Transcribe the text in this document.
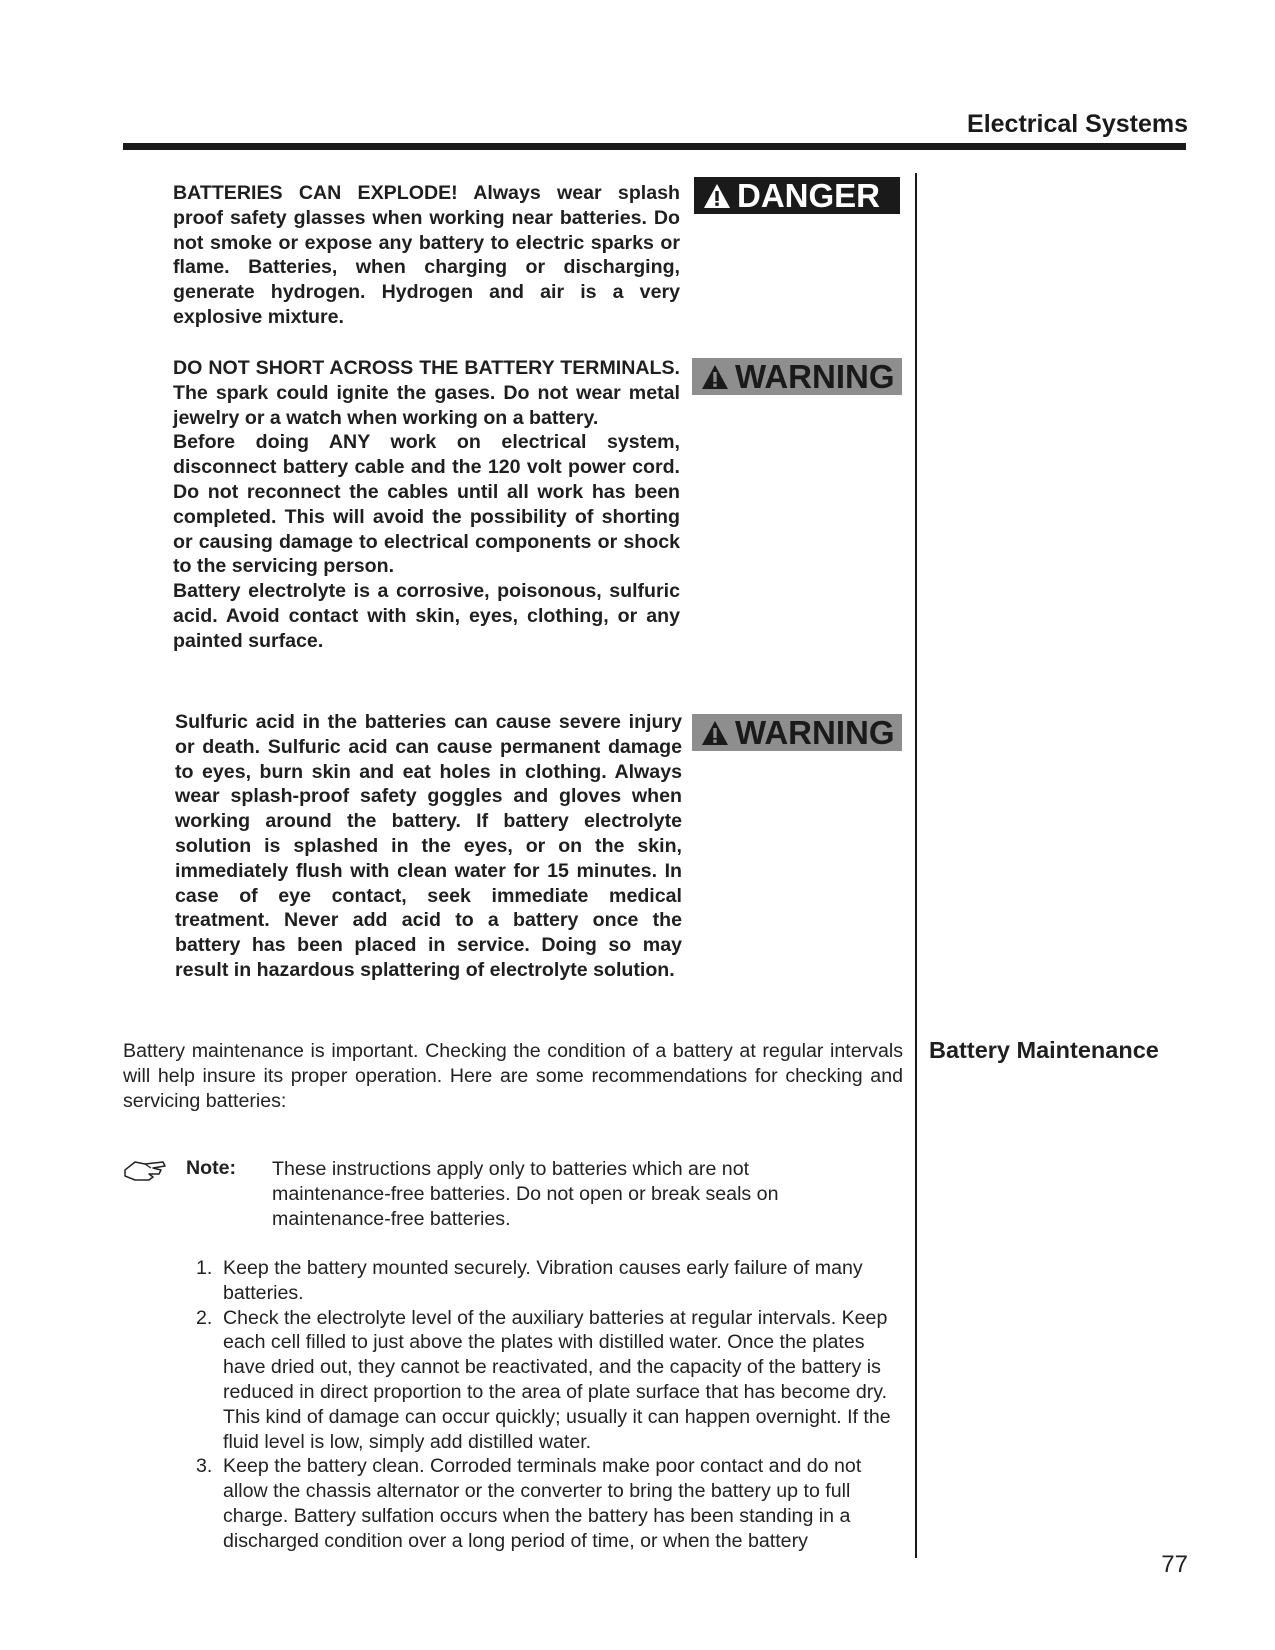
Electrical Systems

BATTERIES CAN EXPLODE! Always wear splash proof safety glasses when working near batteries. Do not smoke or expose any battery to electric sparks or flame. Batteries, when charging or discharging, generate hydrogen. Hydrogen and air is a very explosive mixture.

DANGER

DO NOT SHORT ACROSS THE BATTERY TERMINALS. The spark could ignite the gases. Do not wear metal jewelry or a watch when working on a battery.

Before doing ANY work on electrical system, disconnect battery cable and the 120 volt power cord. Do not reconnect the cables until all work has been completed. This will avoid the possibility of shorting or causing damage to electrical components or shock to the servicing person.

Battery electrolyte is a corrosive, poisonous, sulfuric acid. Avoid contact with skin, eyes, clothing, or any painted surface.

WARNING

Sulfuric acid in the batteries can cause severe injury or death. Sulfuric acid can cause permanent damage to eyes, burn skin and eat holes in clothing. Always wear splash-proof safety goggles and gloves when working around the battery. If battery electrolyte solution is splashed in the eyes, or on the skin, immediately flush with clean water for 15 minutes. In case of eye contact, seek immediate medical treatment. Never add acid to a battery once the battery has been placed in service. Doing so may result in hazardous splattering of electrolyte solution.

WARNING
Battery Maintenance

Battery maintenance is important. Checking the condition of a battery at regular intervals will help insure its proper operation. Here are some recommendations for checking and servicing batteries:

Note: These instructions apply only to batteries which are not maintenance-free batteries. Do not open or break seals on maintenance-free batteries.
1. Keep the battery mounted securely. Vibration causes early failure of many batteries.
2. Check the electrolyte level of the auxiliary batteries at regular intervals. Keep each cell filled to just above the plates with distilled water. Once the plates have dried out, they cannot be reactivated, and the capacity of the battery is reduced in direct proportion to the area of plate surface that has become dry. This kind of damage can occur quickly; usually it can happen overnight. If the fluid level is low, simply add distilled water.
3. Keep the battery clean. Corroded terminals make poor contact and do not allow the chassis alternator or the converter to bring the battery up to full charge. Battery sulfation occurs when the battery has been standing in a discharged condition over a long period of time, or when the battery
77
